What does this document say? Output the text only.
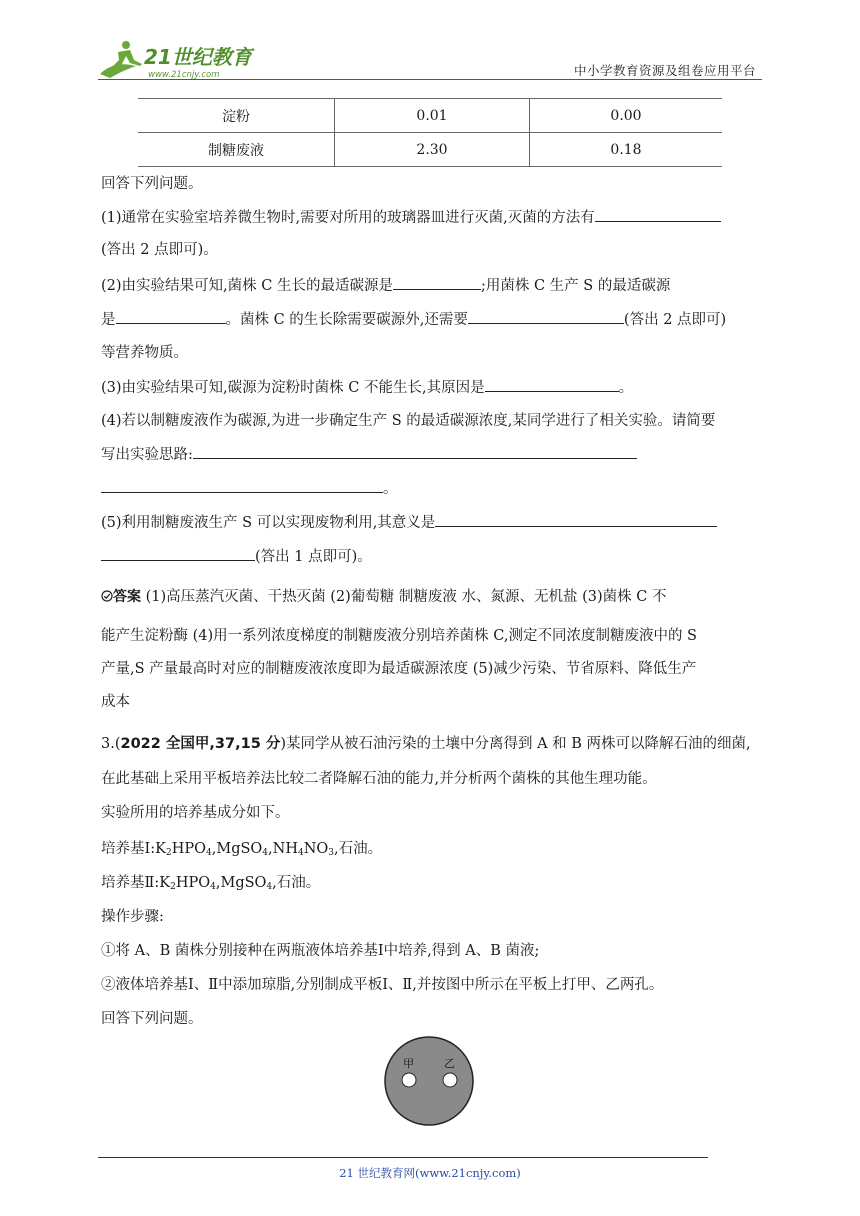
21世纪教育
www.21cnjy.com	中小学教育资源及组卷应用平台
淀粉	0.01	0.00
制糖废液	2.30	0.18
回答下列问题。
(1)通常在实验室培养微生物时,需要对所用的玻璃器皿进行灭菌,灭菌的方法有
(答出 2 点即可)。
(2)由实验结果可知,菌株 C 生长的最适碳源是	;用菌株 C 生产 S 的最适碳源
是	。菌株 C 的生长除需要碳源外,还需要	(答出 2 点即可)
等营养物质。
(3)由实验结果可知,碳源为淀粉时菌株 C 不能生长,其原因是	。
(4)若以制糖废液作为碳源,为进一步确定生产 S 的最适碳源浓度,某同学进行了相关实验。请简要
写出实验思路:
。
(5)利用制糖废液生产 S 可以实现废物利用,其意义是
(答出 1 点即可)。
答案 (1)高压蒸汽灭菌、干热灭菌 (2)葡萄糖 制糖废液 水、氮源、无机盐 (3)菌株 C 不
能产生淀粉酶 (4)用一系列浓度梯度的制糖废液分别培养菌株 C,测定不同浓度制糖废液中的 S
产量,S 产量最高时对应的制糖废液浓度即为最适碳源浓度 (5)减少污染、节省原料、降低生产
成本
3.(2022 全国甲,37,15 分)某同学从被石油污染的土壤中分离得到 A 和 B 两株可以降解石油的细菌,
在此基础上采用平板培养法比较二者降解石油的能力,并分析两个菌株的其他生理功能。
实验所用的培养基成分如下。
培养基$Ⅰ:K_2HPO_4,MgSO_4,NH_4NO_3$,石油。
培养基$Ⅱ:K_2HPO_4,MgSO_4$,石油。
操作步骤:
①将 A、B 菌株分别接种在两瓶液体培养基Ⅰ中培养,得到 A、B 菌液;
②液体培养基Ⅰ、Ⅱ中添加琼脂,分别制成平板Ⅰ、Ⅱ,并按图中所示在平板上打甲、乙两孔。
回答下列问题。
甲	乙
21 世纪教育网(www.21cnjy.com)
